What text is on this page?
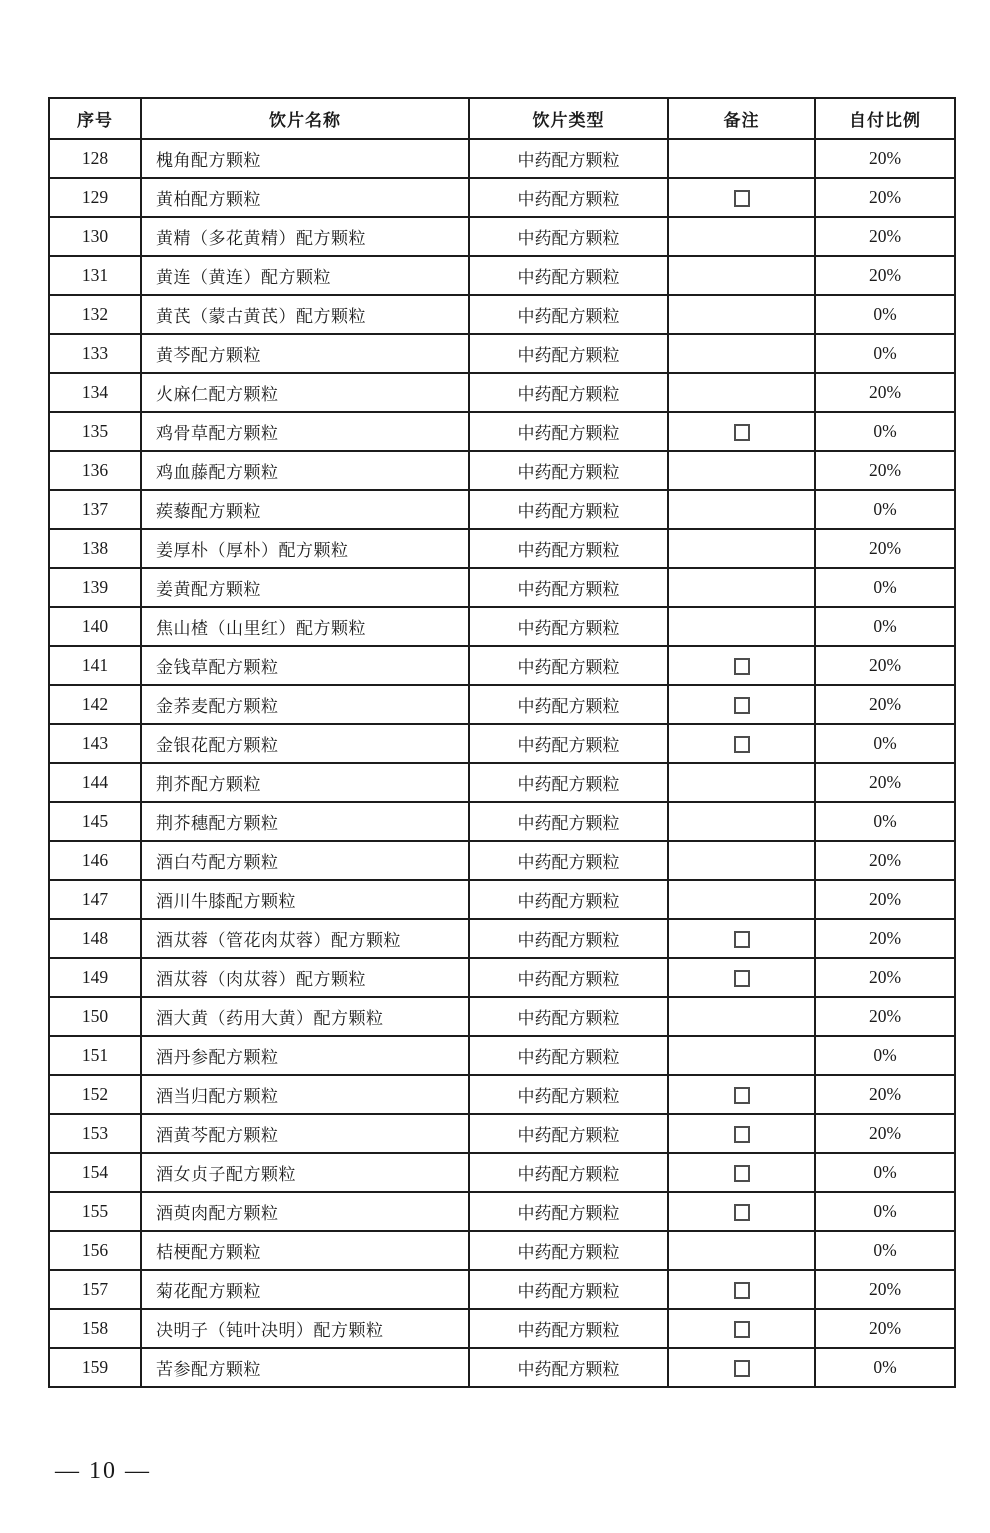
序号	饮片名称	饮片类型	备注	自付比例
128	槐角配方颗粒	中药配方颗粒		20%
129	黄柏配方颗粒	中药配方颗粒		20%
130	黄精（多花黄精）配方颗粒	中药配方颗粒		20%
131	黄连（黄连）配方颗粒	中药配方颗粒		20%
132	黄芪（蒙古黄芪）配方颗粒	中药配方颗粒		0%
133	黄芩配方颗粒	中药配方颗粒		0%
134	火麻仁配方颗粒	中药配方颗粒		20%
135	鸡骨草配方颗粒	中药配方颗粒		0%
136	鸡血藤配方颗粒	中药配方颗粒		20%
137	蒺藜配方颗粒	中药配方颗粒		0%
138	姜厚朴（厚朴）配方颗粒	中药配方颗粒		20%
139	姜黄配方颗粒	中药配方颗粒		0%
140	焦山楂（山里红）配方颗粒	中药配方颗粒		0%
141	金钱草配方颗粒	中药配方颗粒		20%
142	金荞麦配方颗粒	中药配方颗粒		20%
143	金银花配方颗粒	中药配方颗粒		0%
144	荆芥配方颗粒	中药配方颗粒		20%
145	荆芥穗配方颗粒	中药配方颗粒		0%
146	酒白芍配方颗粒	中药配方颗粒		20%
147	酒川牛膝配方颗粒	中药配方颗粒		20%
148	酒苁蓉（管花肉苁蓉）配方颗粒	中药配方颗粒		20%
149	酒苁蓉（肉苁蓉）配方颗粒	中药配方颗粒		20%
150	酒大黄（药用大黄）配方颗粒	中药配方颗粒		20%
151	酒丹参配方颗粒	中药配方颗粒		0%
152	酒当归配方颗粒	中药配方颗粒		20%
153	酒黄芩配方颗粒	中药配方颗粒		20%
154	酒女贞子配方颗粒	中药配方颗粒		0%
155	酒萸肉配方颗粒	中药配方颗粒		0%
156	桔梗配方颗粒	中药配方颗粒		0%
157	菊花配方颗粒	中药配方颗粒		20%
158	决明子（钝叶决明）配方颗粒	中药配方颗粒		20%
159	苦参配方颗粒	中药配方颗粒		0%
— 10 —
